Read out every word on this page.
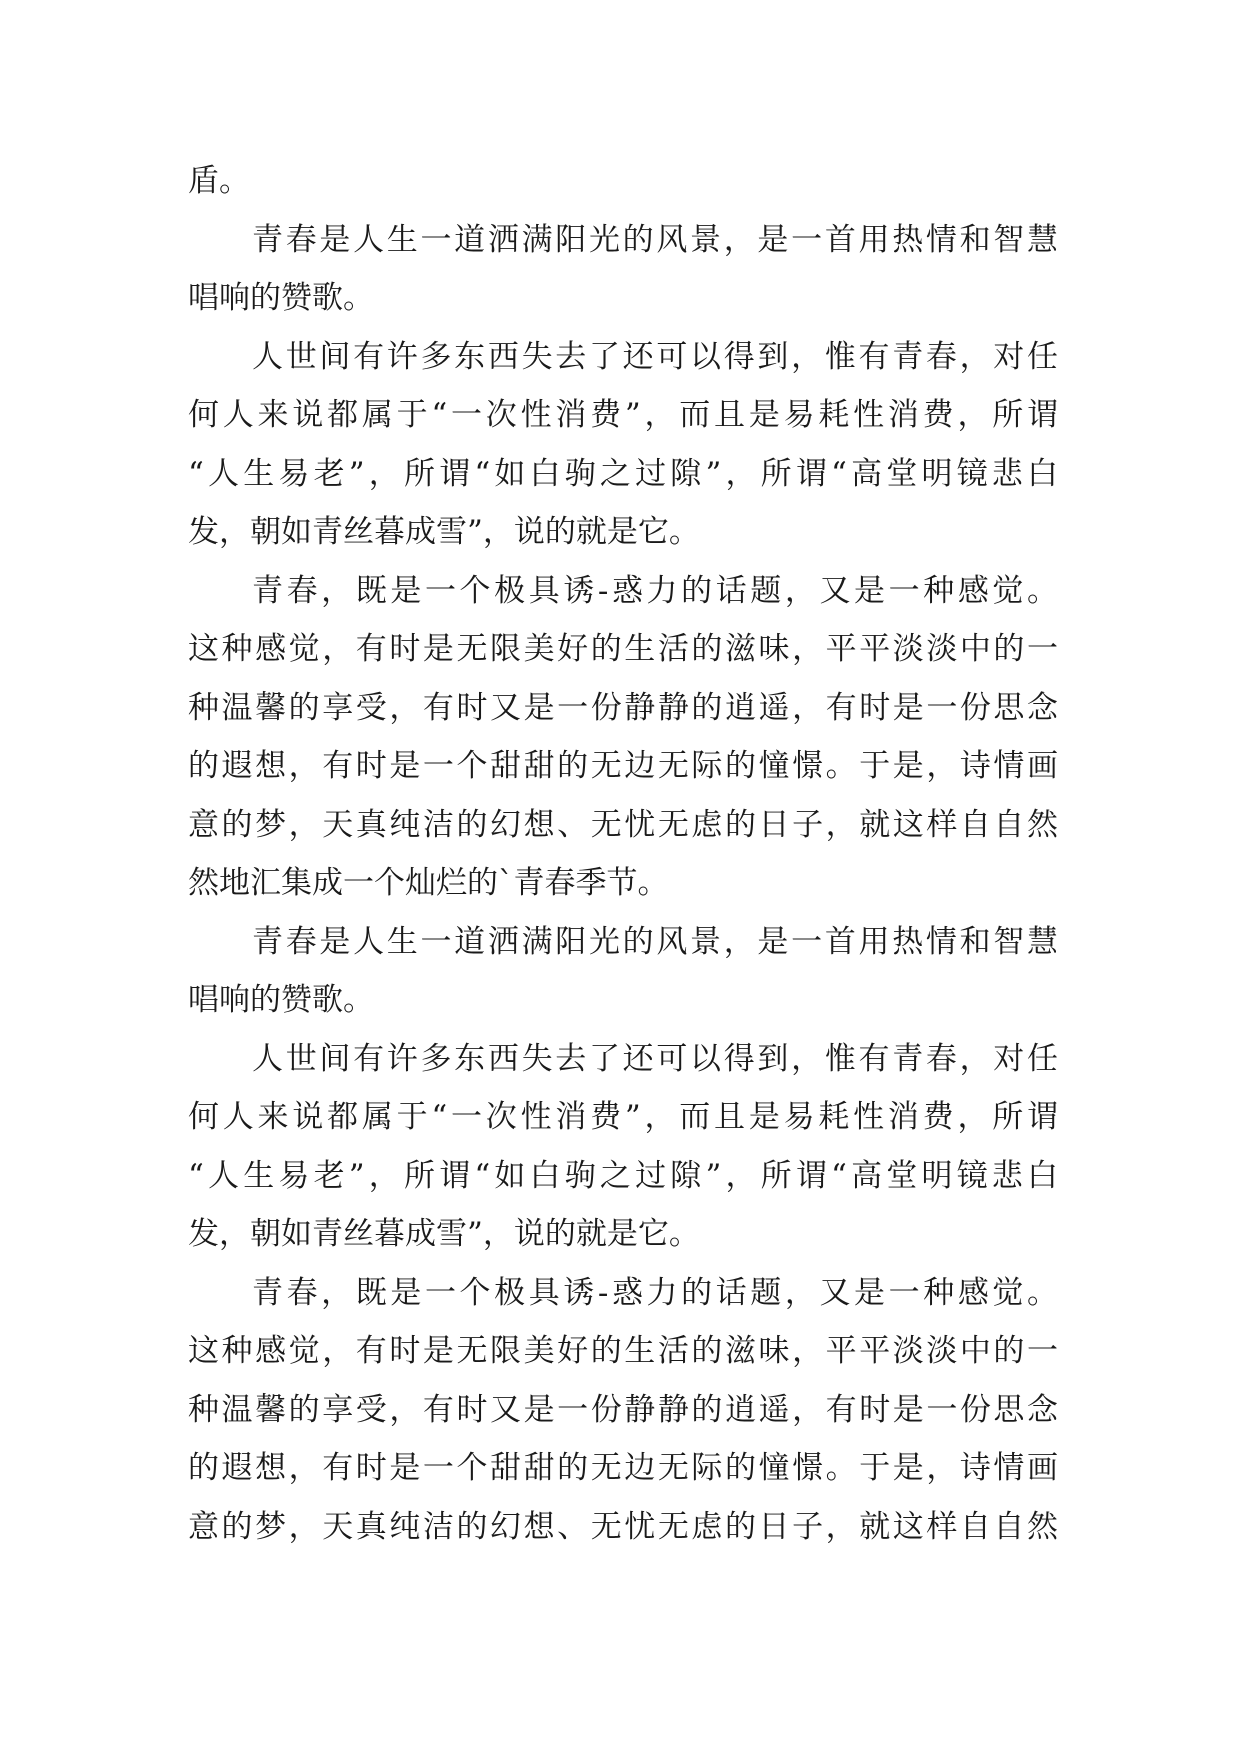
盾。
青春是人生一道洒满阳光的风景，是一首用热情和智慧
唱响的赞歌。
人世间有许多东西失去了还可以得到，惟有青春，对任
何人来说都属于“一次性消费”，而且是易耗性消费，所谓
“人生易老”，所谓“如白驹之过隙”，所谓“高堂明镜悲白
发，朝如青丝暮成雪”，说的就是它。
青春，既是一个极具诱-惑力的话题，又是一种感觉。
这种感觉，有时是无限美好的生活的滋味，平平淡淡中的一
种温馨的享受，有时又是一份静静的逍遥，有时是一份思念
的遐想，有时是一个甜甜的无边无际的憧憬。于是，诗情画
意的梦，天真纯洁的幻想、无忧无虑的日子，就这样自自然
然地汇集成一个灿烂的`青春季节。
青春是人生一道洒满阳光的风景，是一首用热情和智慧
唱响的赞歌。
人世间有许多东西失去了还可以得到，惟有青春，对任
何人来说都属于“一次性消费”，而且是易耗性消费，所谓
“人生易老”，所谓“如白驹之过隙”，所谓“高堂明镜悲白
发，朝如青丝暮成雪”，说的就是它。
青春，既是一个极具诱-惑力的话题，又是一种感觉。
这种感觉，有时是无限美好的生活的滋味，平平淡淡中的一
种温馨的享受，有时又是一份静静的逍遥，有时是一份思念
的遐想，有时是一个甜甜的无边无际的憧憬。于是，诗情画
意的梦，天真纯洁的幻想、无忧无虑的日子，就这样自自然
